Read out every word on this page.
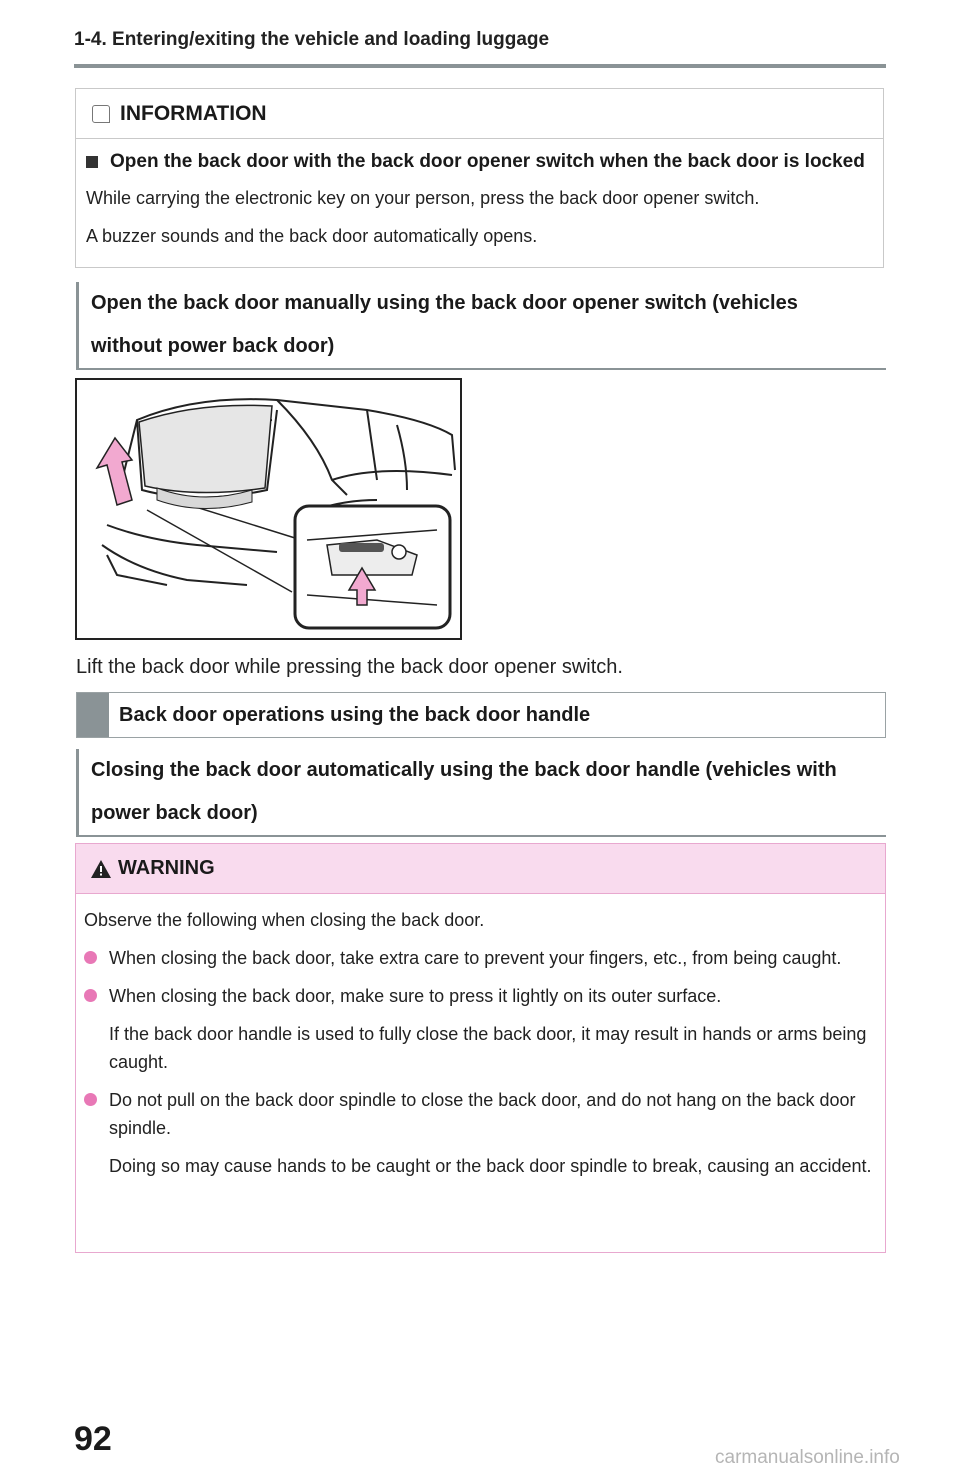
1-4. Entering/exiting the vehicle and loading luggage
INFORMATION
Open the back door with the back door opener switch when the back door is locked
While carrying the electronic key on your person, press the back door opener switch.
A buzzer sounds and the back door automatically opens.
Open the back door manually using the back door opener switch (vehicles
without power back door)
Lift the back door while pressing the back door opener switch.
Back door operations using the back door handle
Closing the back door automatically using the back door handle (vehicles with
power back door)
WARNING
Observe the following when closing the back door.
When closing the back door, take extra care to prevent your fingers, etc., from being caught.
When closing the back door, make sure to press it lightly on its outer surface.
If the back door handle is used to fully close the back door, it may result in hands or arms being caught.
Do not pull on the back door spindle to close the back door, and do not hang on the back door spindle.
Doing so may cause hands to be caught or the back door spindle to break, causing an accident.
92	carmanualsonline.info
